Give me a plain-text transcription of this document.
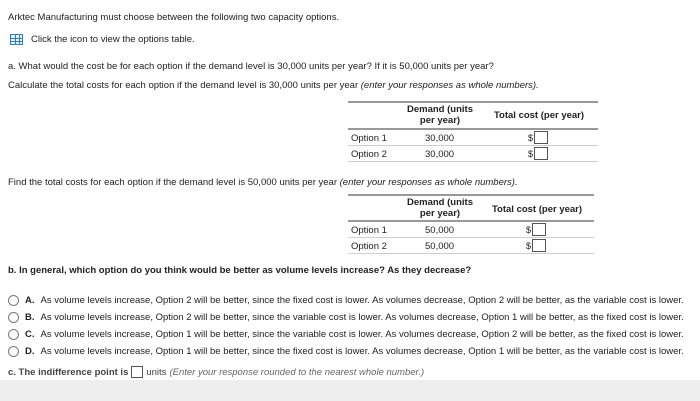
Arktec Manufacturing must choose between the following two capacity options.
Click the icon to view the options table.
a. What would the cost be for each option if the demand level is 30,000 units per year? If it is 50,000 units per year?
Calculate the total costs for each option if the demand level is 30,000 units per year (enter your responses as whole numbers).
Demand (units
per year)	Total cost (per year)
Option 1	30,000	$
Option 2	30,000	$
Find the total costs for each option if the demand level is 50,000 units per year (enter your responses as whole numbers).
Demand (units
per year)	Total cost (per year)
Option 1	50,000	$
Option 2	50,000	$
b. In general, which option do you think would be better as volume levels increase? As they decrease?
A. As volume levels increase, Option 2 will be better, since the fixed cost is lower. As volumes decrease, Option 2 will be better, as the variable cost is lower.
B. As volume levels increase, Option 2 will be better, since the variable cost is lower. As volumes decrease, Option 1 will be better, as the fixed cost is lower.
C. As volume levels increase, Option 1 will be better, since the variable cost is lower. As volumes decrease, Option 2 will be better, as the fixed cost is lower.
D. As volume levels increase, Option 1 will be better, since the fixed cost is lower. As volumes decrease, Option 1 will be better, as the variable cost is lower.
c. The indifference point is units (Enter your response rounded to the nearest whole number.)
